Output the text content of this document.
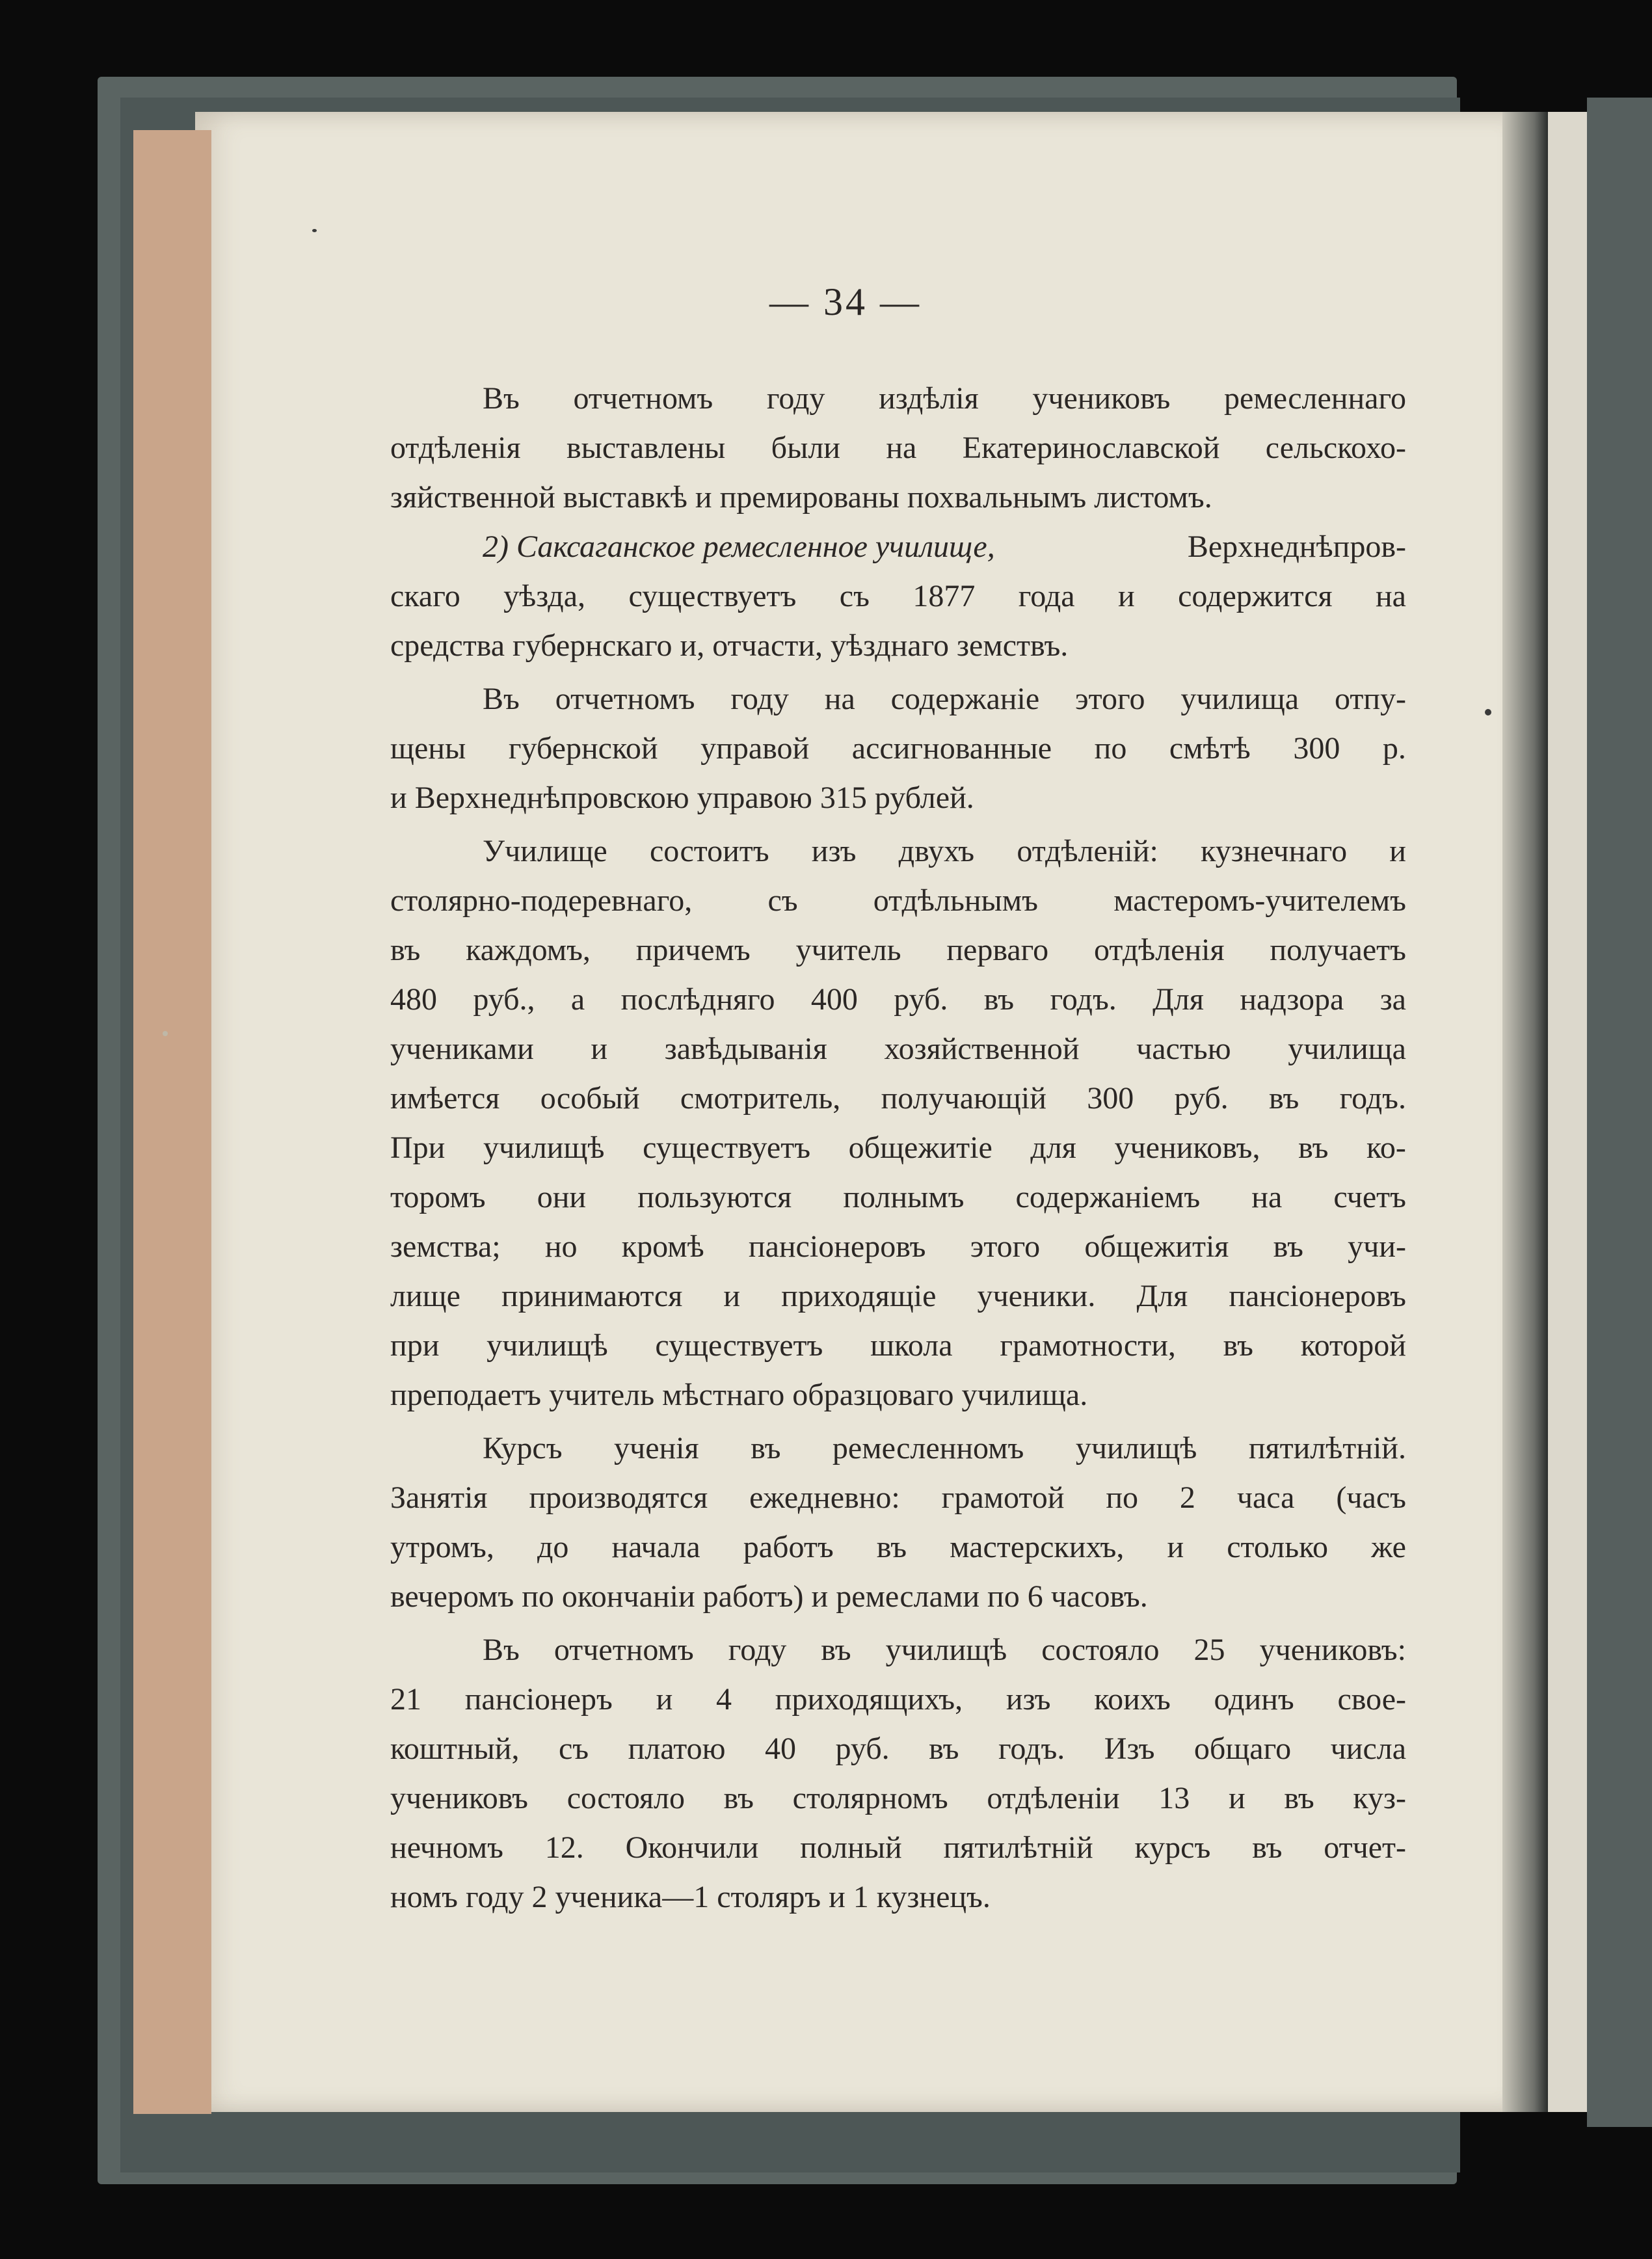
— 34 —
Въ отчетномъ году издѣлія учениковъ ремесленнаго
отдѣленія выставлены были на Екатеринославской сельскохо-
зяйственной выставкѣ и премированы похвальнымъ листомъ.
2) Саксаганское ремесленное училище,	Верхнеднѣпров-
скаго уѣзда, существуетъ съ 1877 года и содержится на
средства губернскаго и, отчасти, уѣзднаго земствъ.
Въ отчетномъ году на содержаніе этого училища отпу-
щены губернской управой ассигнованные по смѣтѣ 300 р.
и Верхнеднѣпровскою управою 315 рублей.
Училище состоитъ изъ двухъ отдѣленій: кузнечнаго и
столярно-подеревнаго, съ отдѣльнымъ мастеромъ-учителемъ
въ каждомъ, причемъ учитель перваго отдѣленія получаетъ
480 руб., а послѣдняго 400 руб. въ годъ. Для надзора за
учениками и завѣдыванія хозяйственной частью училища
имѣется особый смотритель, получающій 300 руб. въ годъ.
При училищѣ существуетъ общежитіе для учениковъ, въ ко-
торомъ они пользуются полнымъ содержаніемъ на счетъ
земства; но кромѣ пансіонеровъ этого общежитія въ учи-
лище принимаются и приходящіе ученики. Для пансіонеровъ
при училищѣ существуетъ школа грамотности, въ которой
преподаетъ учитель мѣстнаго образцоваго училища.
Курсъ ученія въ ремесленномъ училищѣ пятилѣтній.
Занятія производятся ежедневно: грамотой по 2 часа (часъ
утромъ, до начала работъ въ мастерскихъ, и столько же
вечеромъ по окончаніи работъ) и ремеслами по 6 часовъ.
Въ отчетномъ году въ училищѣ состояло 25 учениковъ:
21 пансіонеръ и 4 приходящихъ, изъ коихъ одинъ свое-
коштный, съ платою 40 руб. въ годъ. Изъ общаго числа
учениковъ состояло въ столярномъ отдѣленіи 13 и въ куз-
нечномъ 12. Окончили полный пятилѣтній курсъ въ отчет-
номъ году 2 ученика—1 столяръ и 1 кузнецъ.
